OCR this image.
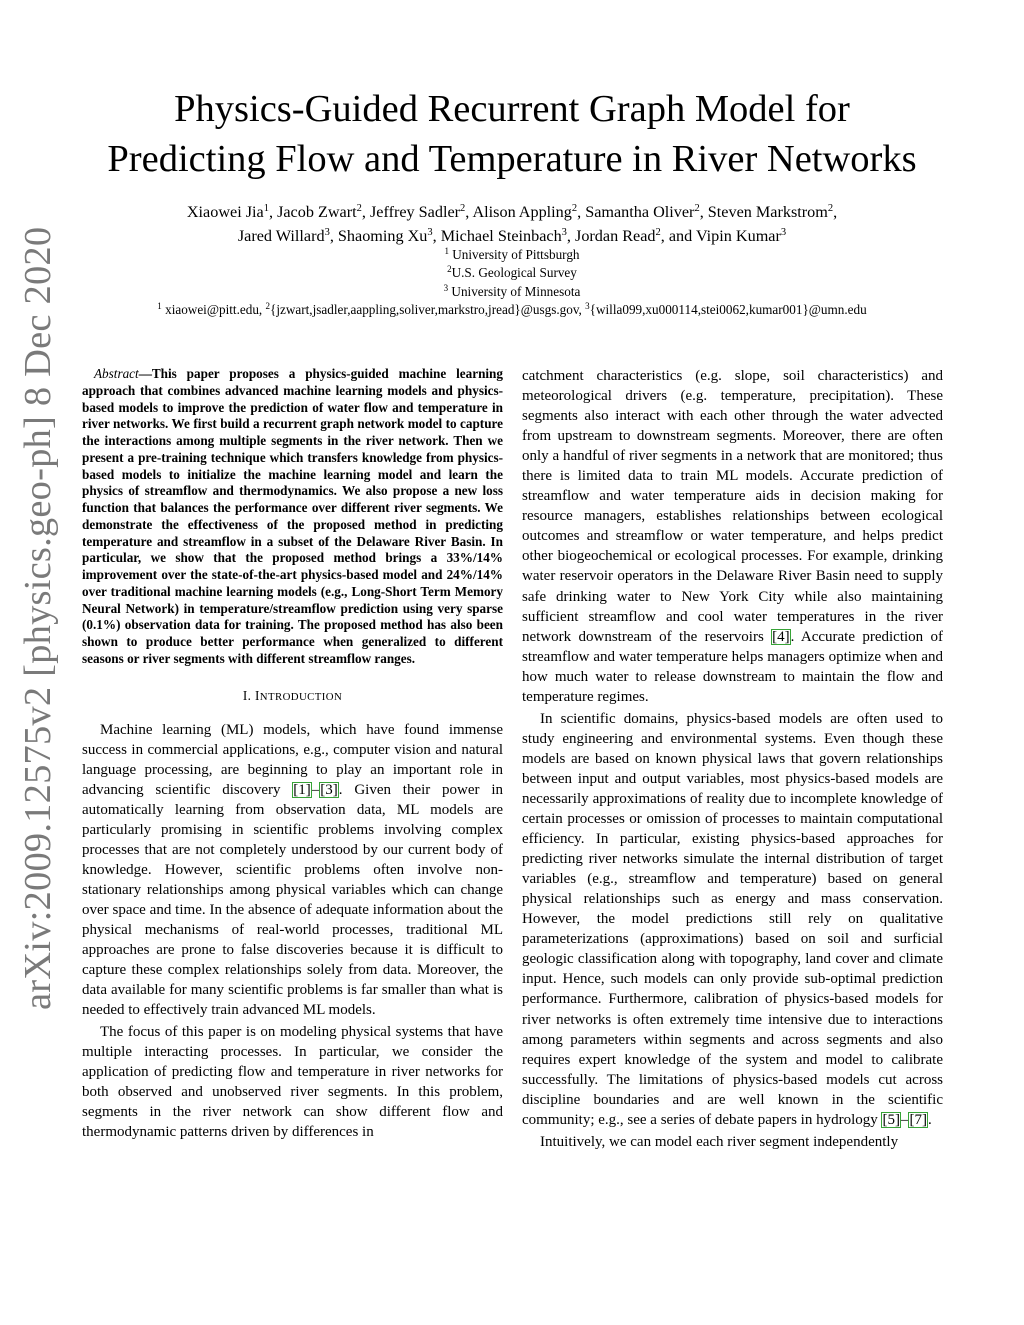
arXiv:2009.12575v2 [physics.geo-ph] 8 Dec 2020
Physics-Guided Recurrent Graph Model for
Predicting Flow and Temperature in River Networks
Xiaowei Jia$^1$, Jacob Zwart$^2$, Jeffrey Sadler$^2$, Alison Appling$^2$, Samantha Oliver$^2$, Steven Markstrom$^2$,
Jared Willard$^3$, Shaoming Xu$^3$, Michael Steinbach$^3$, Jordan Read$^2$, and Vipin Kumar$^3$
$^1$ University of Pittsburgh
$^2$U.S. Geological Survey
$^3$ University of Minnesota
$^1$ xiaowei@pitt.edu, $^2${jzwart,jsadler,aappling,soliver,markstro,jread}@usgs.gov, $^3${willa099,xu000114,stei0062,kumar001}@umn.edu

Abstract—This paper proposes a physics-guided machine learning approach that combines advanced machine learning models and physics-based models to improve the prediction of water flow and temperature in river networks. We first build a recurrent graph network model to capture the interactions among multiple segments in the river network. Then we present a pre-training technique which transfers knowledge from physics-based models to initialize the machine learning model and learn the physics of streamflow and thermodynamics. We also propose a new loss function that balances the performance over different river segments. We demonstrate the effectiveness of the proposed method in predicting temperature and streamflow in a subset of the Delaware River Basin. In particular, we show that the proposed method brings a 33%/14% improvement over the state-of-the-art physics-based model and 24%/14% over traditional machine learning models (e.g., Long-Short Term Memory Neural Network) in temperature/streamflow prediction using very sparse (0.1%) observation data for training. The proposed method has also been shown to produce better performance when generalized to different seasons or river segments with different streamflow ranges.

I. INTRODUCTION

Machine learning (ML) models, which have found immense success in commercial applications, e.g., computer vision and natural language processing, are beginning to play an important role in advancing scientific discovery [1]–[3]. Given their power in automatically learning from observation data, ML models are particularly promising in scientific problems involving complex processes that are not completely understood by our current body of knowledge. However, scientific problems often involve non-stationary relationships among physical variables which can change over space and time. In the absence of adequate information about the physical mechanisms of real-world processes, traditional ML approaches are prone to false discoveries because it is difficult to capture these complex relationships solely from data. Moreover, the data available for many scientific problems is far smaller than what is needed to effectively train advanced ML models.

The focus of this paper is on modeling physical systems that have multiple interacting processes. In particular, we consider the application of predicting flow and temperature in river networks for both observed and unobserved river segments. In this problem, segments in the river network can show different flow and thermodynamic patterns driven by differences in

catchment characteristics (e.g. slope, soil characteristics) and meteorological drivers (e.g. temperature, precipitation). These segments also interact with each other through the water advected from upstream to downstream segments. Moreover, there are often only a handful of river segments in a network that are monitored; thus there is limited data to train ML models. Accurate prediction of streamflow and water temperature aids in decision making for resource managers, establishes relationships between ecological outcomes and streamflow or water temperature, and helps predict other biogeochemical or ecological processes. For example, drinking water reservoir operators in the Delaware River Basin need to supply safe drinking water to New York City while also maintaining sufficient streamflow and cool water temperatures in the river network downstream of the reservoirs [4]. Accurate prediction of streamflow and water temperature helps managers optimize when and how much water to release downstream to maintain the flow and temperature regimes.

In scientific domains, physics-based models are often used to study engineering and environmental systems. Even though these models are based on known physical laws that govern relationships between input and output variables, most physics-based models are necessarily approximations of reality due to incomplete knowledge of certain processes or omission of processes to maintain computational efficiency. In particular, existing physics-based approaches for predicting river networks simulate the internal distribution of target variables (e.g., streamflow and temperature) based on general physical relationships such as energy and mass conservation. However, the model predictions still rely on qualitative parameterizations (approximations) based on soil and surficial geologic classification along with topography, land cover and climate input. Hence, such models can only provide sub-optimal prediction performance. Furthermore, calibration of physics-based models for river networks is often extremely time intensive due to interactions among parameters within segments and across segments and also requires expert knowledge of the system and model to calibrate successfully. The limitations of physics-based models cut across discipline boundaries and are well known in the scientific community; e.g., see a series of debate papers in hydrology [5]–[7].

Intuitively, we can model each river segment independently
